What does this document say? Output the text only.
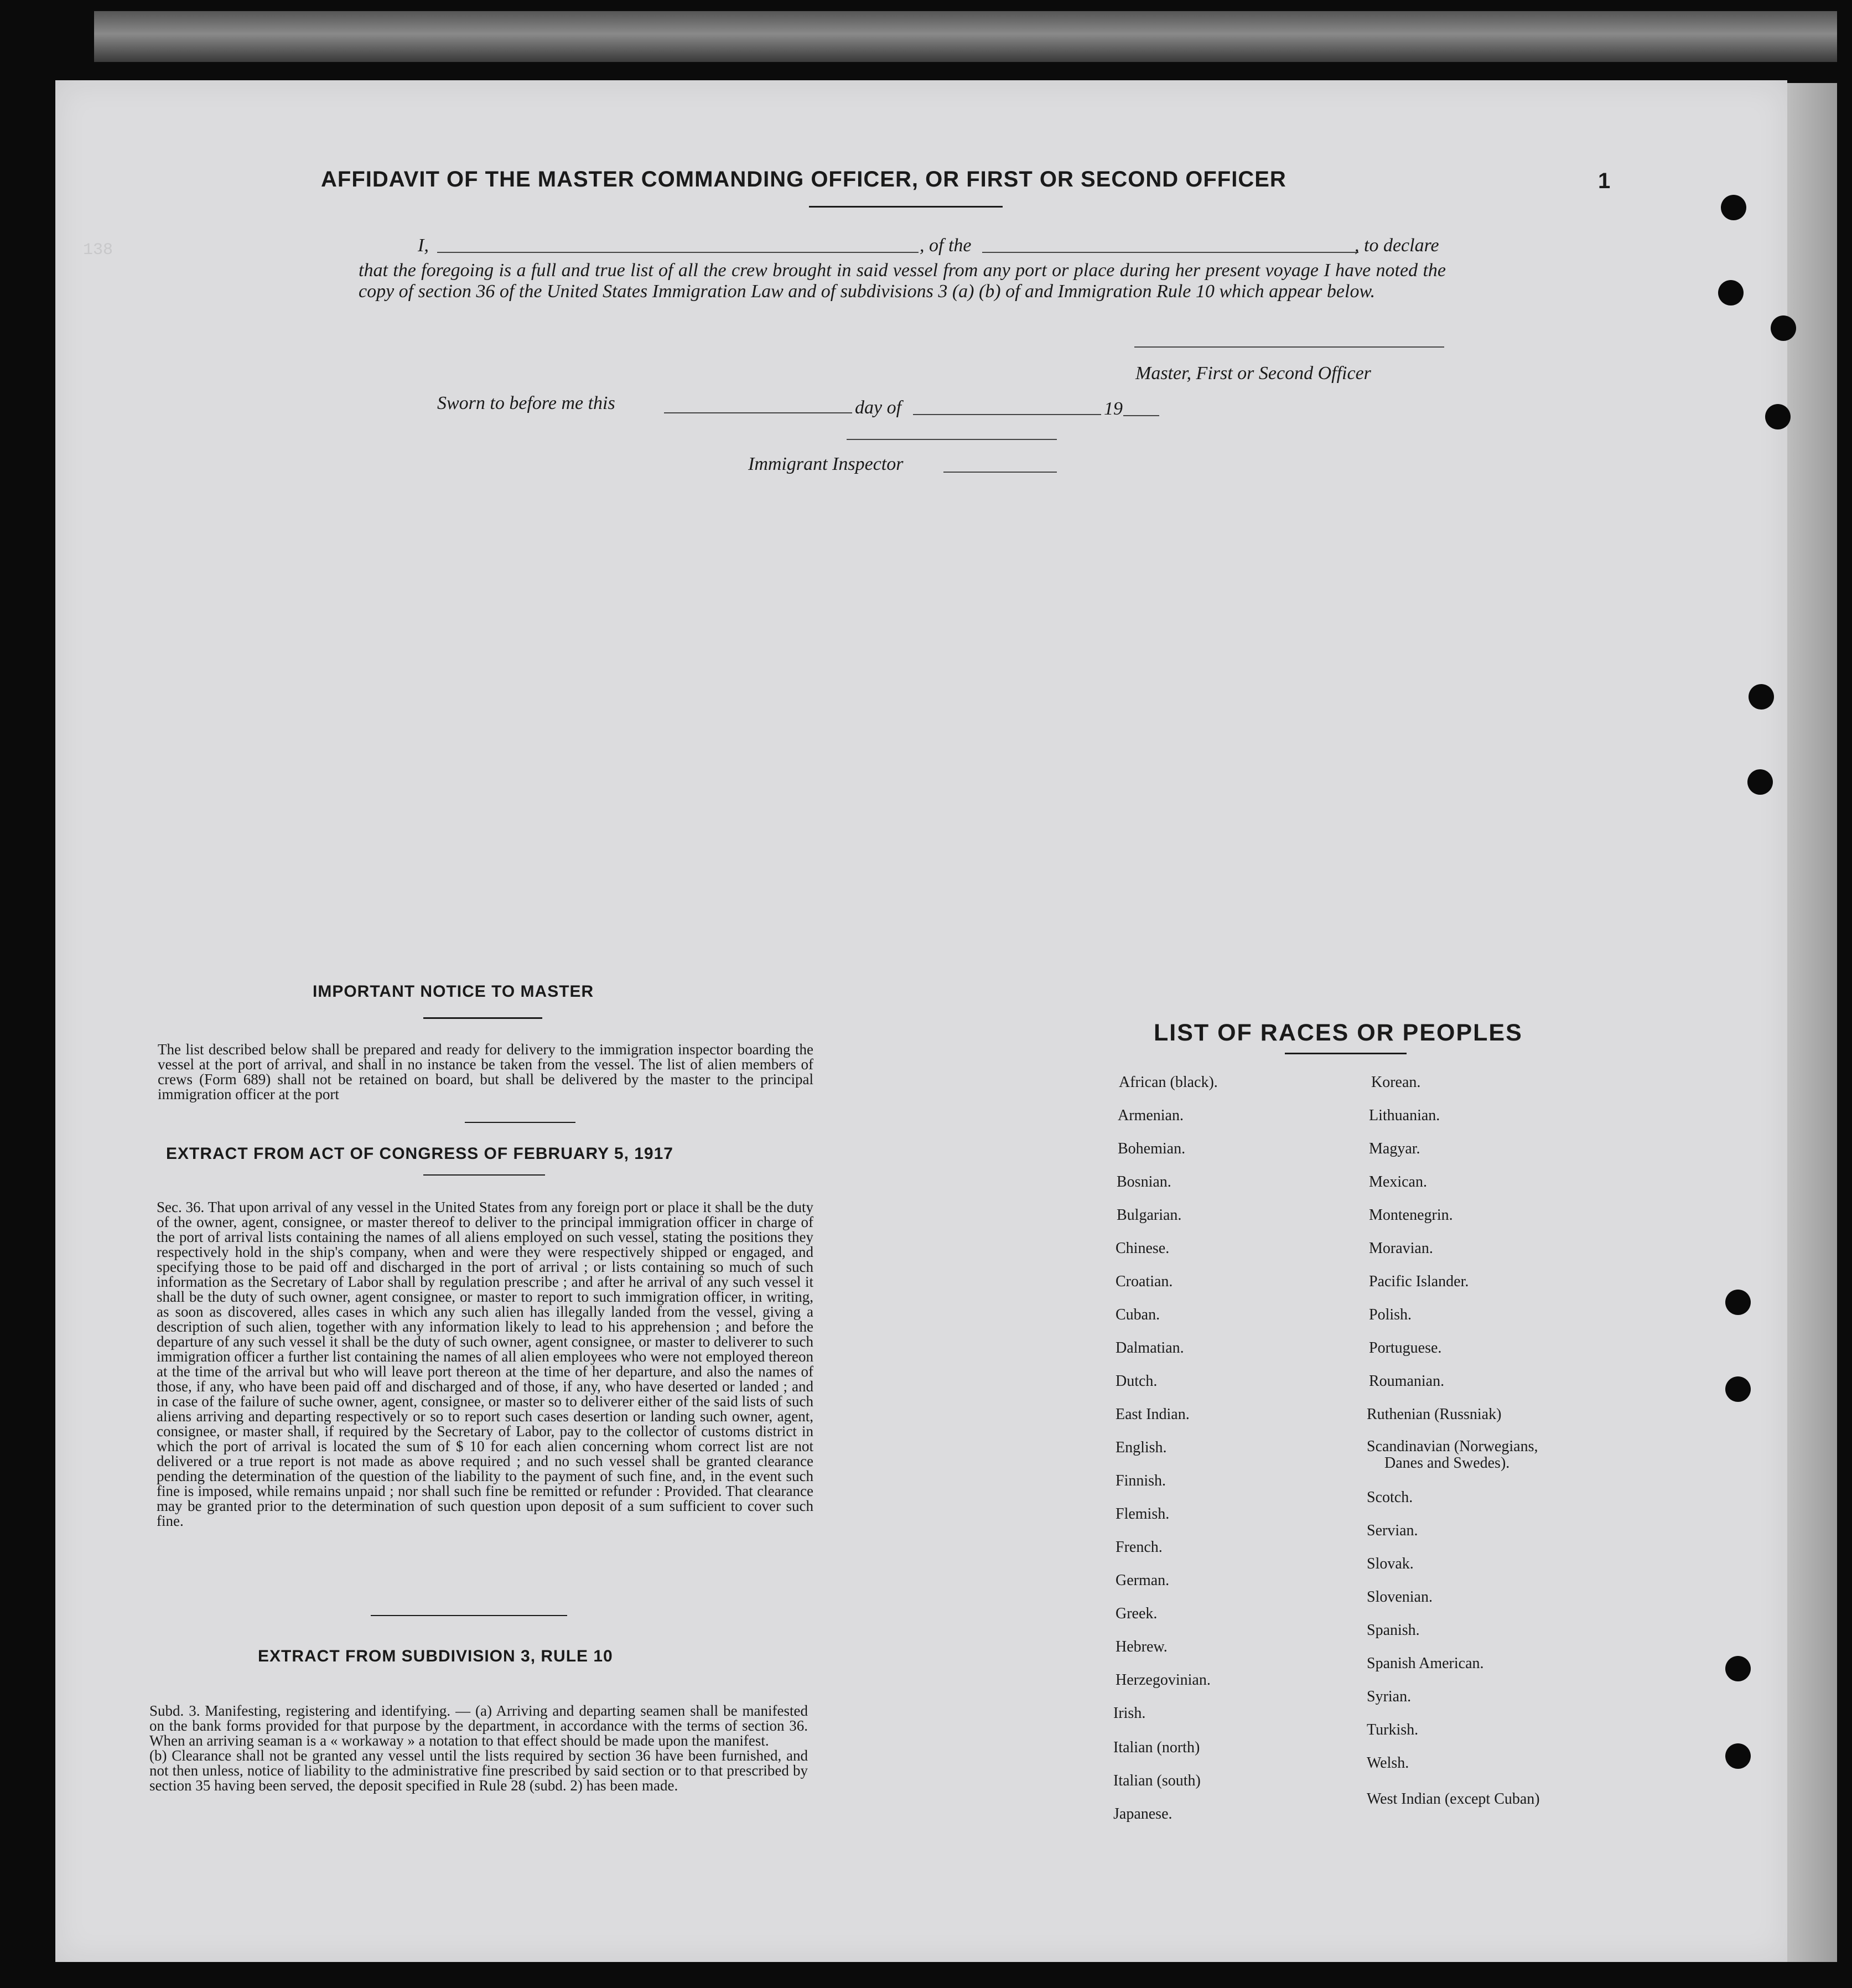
138
AFFIDAVIT OF THE MASTER COMMANDING OFFICER, OR FIRST OR SECOND OFFICER	1
I,	, of the	, to declare

that the foregoing is a full and true list of all the crew brought in said vessel from any port or place during her present voyage I have noted the copy of section 36 of the United States Immigration Law and of subdivisions 3 (a) (b) of and Immigration Rule 10 which appear below.

Master, First or Second Officer
Sworn to before me this	day of	19
Immigrant Inspector
IMPORTANT NOTICE TO MASTER

The list described below shall be prepared and ready for delivery to the immigration inspector boarding the vessel at the port of arrival, and shall in no instance be taken from the vessel. The list of alien members of crews (Form 689) shall not be retained on board, but shall be delivered by the master to the principal immigration officer at the port

EXTRACT FROM ACT OF CONGRESS OF FEBRUARY 5, 1917

Sec. 36. That upon arrival of any vessel in the United States from any foreign port or place it shall be the duty of the owner, agent, consignee, or master thereof to deliver to the principal immigration officer in charge of the port of arrival lists containing the names of all aliens employed on such vessel, stating the positions they respectively hold in the ship's company, when and were they were respectively shipped or engaged, and specifying those to be paid off and discharged in the port of arrival ; or lists containing so much of such information as the Secretary of Labor shall by regulation prescribe ; and after he arrival of any such vessel it shall be the duty of such owner, agent consignee, or master to report to such immigration officer, in writing, as soon as discovered, alles cases in which any such alien has illegally landed from the vessel, giving a description of such alien, together with any information likely to lead to his apprehension ; and before the departure of any such vessel it shall be the duty of such owner, agent consignee, or master to deliverer to such immigration officer a further list containing the names of all alien employees who were not employed thereon at the time of the arrival but who will leave port thereon at the time of her departure, and also the names of those, if any, who have been paid off and discharged and of those, if any, who have deserted or landed ; and in case of the failure of suche owner, agent, consignee, or master so to deliverer either of the said lists of such aliens arriving and departing respectively or so to report such cases desertion or landing such owner, agent, consignee, or master shall, if required by the Secretary of Labor, pay to the collector of customs district in which the port of arrival is located the sum of $ 10 for each alien concerning whom correct list are not delivered or a true report is not made as above required ; and no such vessel shall be granted clearance pending the determination of the question of the liability to the payment of such fine, and, in the event such fine is imposed, while remains unpaid ; nor shall such fine be remitted or refunder : Provided. That clearance may be granted prior to the determination of such question upon deposit of a sum sufficient to cover such fine.

EXTRACT FROM SUBDIVISION 3, RULE 10

Subd. 3. Manifesting, registering and identifying. — (a) Arriving and departing seamen shall be manifested on the bank forms provided for that purpose by the department, in accordance with the terms of section 36. When an arriving seaman is a « workaway » a notation to that effect should be made upon the manifest.

(b) Clearance shall not be granted any vessel until the lists required by section 36 have been furnished, and not then unless, notice of liability to the administrative fine prescribed by said section or to that prescribed by section 35 having been served, the deposit specified in Rule 28 (subd. 2) has been made.

LIST OF RACES OR PEOPLES
African (black).
Armenian.
Bohemian.
Bosnian.
Bulgarian.
Chinese.
Croatian.
Cuban.
Dalmatian.
Dutch.
East Indian.
English.
Finnish.
Flemish.
French.
German.
Greek.
Hebrew.
Herzegovinian.
Irish.
Italian (north)
Italian (south)
Japanese.
Korean.
Lithuanian.
Magyar.
Mexican.
Montenegrin.
Moravian.
Pacific Islander.
Polish.
Portuguese.
Roumanian.
Ruthenian (Russniak)
Scandinavian (Norwegians,
Danes and Swedes).
Scotch.
Servian.
Slovak.
Slovenian.
Spanish.
Spanish American.
Syrian.
Turkish.
Welsh.
West Indian (except Cuban)
